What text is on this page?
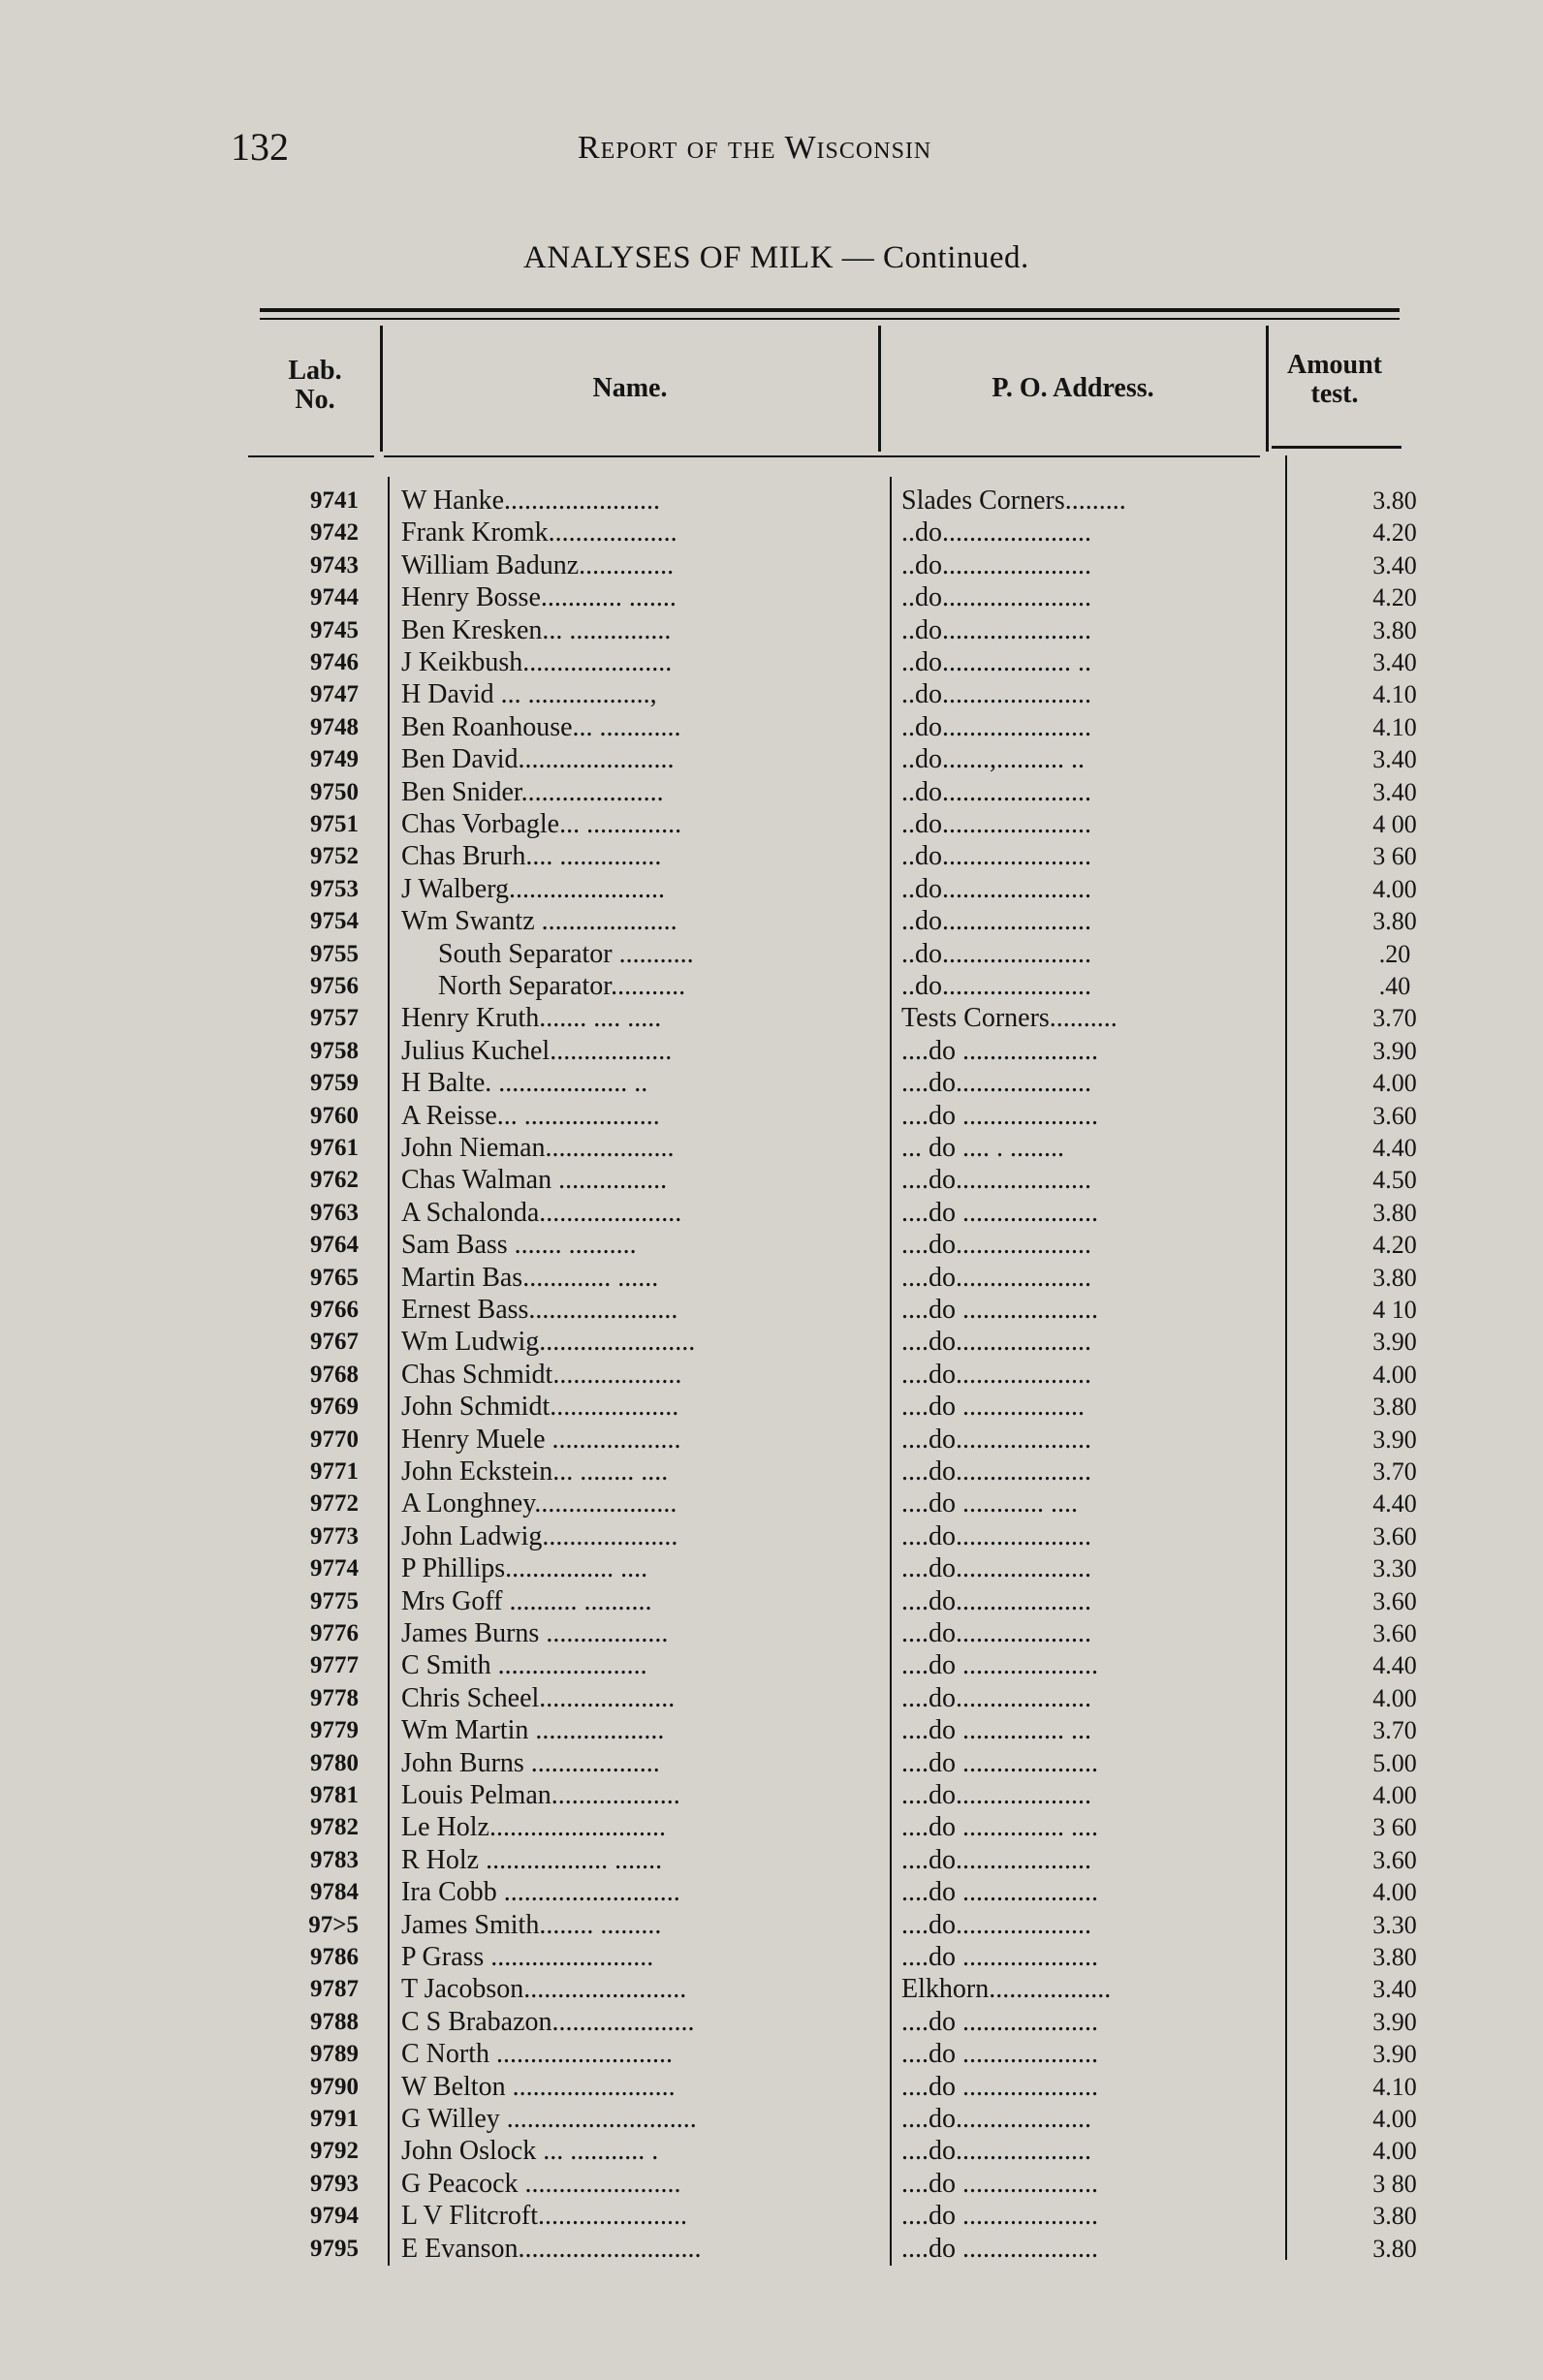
132	Report of the Wisconsin
ANALYSES OF MILK — Continued.
Lab.
No.	Name.	P. O. Address.
Amount
test.
9741 W Hanke.......................	Slades Corners.........	3.80
9742 Frank Kromk...................	..do......................	4.20
9743 William Badunz..............	..do......................	3.40
9744 Henry Bosse............ .......	..do......................	4.20
9745 Ben Kresken... ...............	..do......................	3.80
9746 J Keikbush......................	..do................... ..	3.40
9747 H David ... ..................,	..do......................	4.10
9748 Ben Roanhouse... ............	..do......................	4.10
9749 Ben David.......................	..do.......,.......... ..	3.40
9750 Ben Snider.....................	..do......................	3.40
9751 Chas Vorbagle... ..............	..do......................	4 00
9752 Chas Brurh.... ...............	..do......................	3 60
9753 J Walberg.......................	..do......................	4.00
9754 Wm Swantz ....................	..do......................	3.80
9755	South Separator ...........	..do......................	.20
9756	North Separator...........	..do......................	.40
9757 Henry Kruth....... .... .....	Tests Corners..........	3.70
9758 Julius Kuchel..................	....do ....................	3.90
9759 H Balte. ................... ..	....do....................	4.00
9760 A Reisse... ....................	....do ....................	3.60
9761 John Nieman...................	... do .... . ........	4.40
9762 Chas Walman ................	....do....................	4.50
9763 A Schalonda.....................	....do ....................	3.80
9764 Sam Bass ....... ..........	....do....................	4.20
9765 Martin Bas............. ......	....do....................	3.80
9766 Ernest Bass......................	....do ....................	4 10
9767 Wm Ludwig.......................	....do....................	3.90
9768 Chas Schmidt...................	....do....................	4.00
9769 John Schmidt...................	....do ..................	3.80
9770 Henry Muele ...................	....do....................	3.90
9771 John Eckstein... ........ ....	....do....................	3.70
9772 A Longhney.....................	....do ............ ....	4.40
9773 John Ladwig....................	....do....................	3.60
9774 P Phillips................ ....	....do....................	3.30
9775 Mrs Goff .......... ..........	....do....................	3.60
9776 James Burns ..................	....do....................	3.60
9777 C Smith ......................	....do ....................	4.40
9778 Chris Scheel....................	....do....................	4.00
9779 Wm Martin ...................	....do ............... ...	3.70
9780 John Burns ...................	....do ....................	5.00
9781 Louis Pelman...................	....do....................	4.00
9782 Le Holz..........................	....do ............... ....	3 60
9783 R Holz .................. .......	....do....................	3.60
9784 Ira Cobb ..........................	....do ....................	4.00
97>5 James Smith........ .........	....do....................	3.30
9786 P Grass ........................	....do ....................	3.80
9787 T Jacobson........................	Elkhorn..................	3.40
9788 C S Brabazon.....................	....do ....................	3.90
9789 C North ..........................	....do ....................	3.90
9790 W Belton ........................	....do ....................	4.10
9791 G Willey ............................	....do....................	4.00
9792 John Oslock ... ........... .	....do....................	4.00
9793 G Peacock .......................	....do ....................	3 80
9794 L V Flitcroft......................	....do ....................	3.80
9795 E Evanson...........................	....do ....................	3.80
